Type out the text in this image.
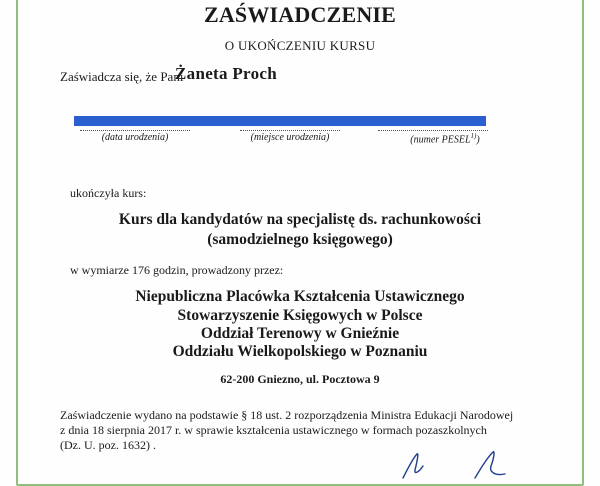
ZAŚWIADCZENIE
O UKOŃCZENIU KURSU
Zaświadcza się, że Pani
Żaneta Proch
(data urodzenia)	(miejsce urodzenia)	(numer PESEL$^{1)}$)
ukończyła kurs:
Kurs dla kandydatów na specjalistę ds. rachunkowości
(samodzielnego księgowego)
w wymiarze 176 godzin, prowadzony przez:
Niepubliczna Placówka Kształcenia Ustawicznego
Stowarzyszenie Księgowych w Polsce
Oddział Terenowy w Gnieźnie
Oddziału Wielkopolskiego w Poznaniu
62-200 Gniezno, ul. Pocztowa 9
Zaświadczenie wydano na podstawie § 18 ust. 2 rozporządzenia Ministra Edukacji Narodowej
z dnia 18 sierpnia 2017 r. w sprawie kształcenia ustawicznego w formach pozaszkolnych
(Dz. U. poz. 1632) .
